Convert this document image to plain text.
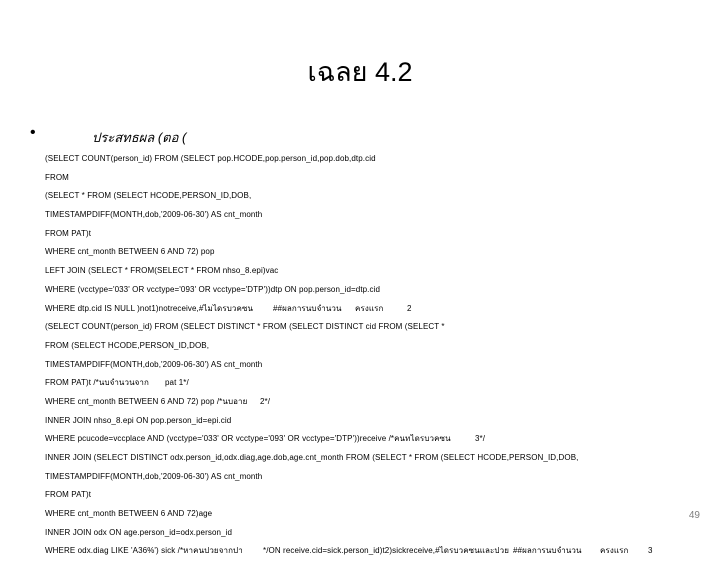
เฉลย 4.2
•	ประสทธผล (ตอ (
(SELECT COUNT(person_id) FROM (SELECT pop.HCODE,pop.person_id,pop.dob,dtp.cid
FROM
(SELECT * FROM (SELECT HCODE,PERSON_ID,DOB,
TIMESTAMPDIFF(MONTH,dob,'2009-06-30') AS cnt_month
FROM PAT)t
WHERE cnt_month BETWEEN 6 AND 72) pop
LEFT JOIN (SELECT * FROM(SELECT * FROM nhso_8.epi)vac
WHERE (vcctype='033' OR vcctype='093' OR vcctype='DTP'))dtp ON pop.person_id=dtp.cid
WHERE dtp.cid IS NULL )not1)notreceive,#ไมไดรบวคซน ##ผลการนบจำนวน ครงแรก	2
(SELECT COUNT(person_id) FROM (SELECT DISTINCT * FROM (SELECT DISTINCT cid FROM (SELECT *
FROM (SELECT HCODE,PERSON_ID,DOB,
TIMESTAMPDIFF(MONTH,dob,'2009-06-30') AS cnt_month
FROM PAT)t /*นบจำนวนจาก pat 1*/
WHERE cnt_month BETWEEN 6 AND 72) pop /*นบอาย 2*/
INNER JOIN nhso_8.epi ON pop.person_id=epi.cid
WHERE pcucode=vccplace AND (vcctype='033' OR vcctype='093' OR vcctype='DTP'))receive /*คนทไดรบวคซน	3*/
INNER JOIN (SELECT DISTINCT odx.person_id,odx.diag,age.dob,age.cnt_month FROM (SELECT * FROM (SELECT HCODE,PERSON_ID,DOB,
TIMESTAMPDIFF(MONTH,dob,'2009-06-30') AS cnt_month
FROM PAT)t
WHERE cnt_month BETWEEN 6 AND 72)age
INNER JOIN odx ON age.person_id=odx.person_id
WHERE odx.diag LIKE 'A36%') sick /*หาคนปวยจากปา	*/ON receive.cid=sick.person_id)t2)sickreceive,#ไดรบวคซนและปวย ##ผลการนบจำนวน ครงแรก 3
49
